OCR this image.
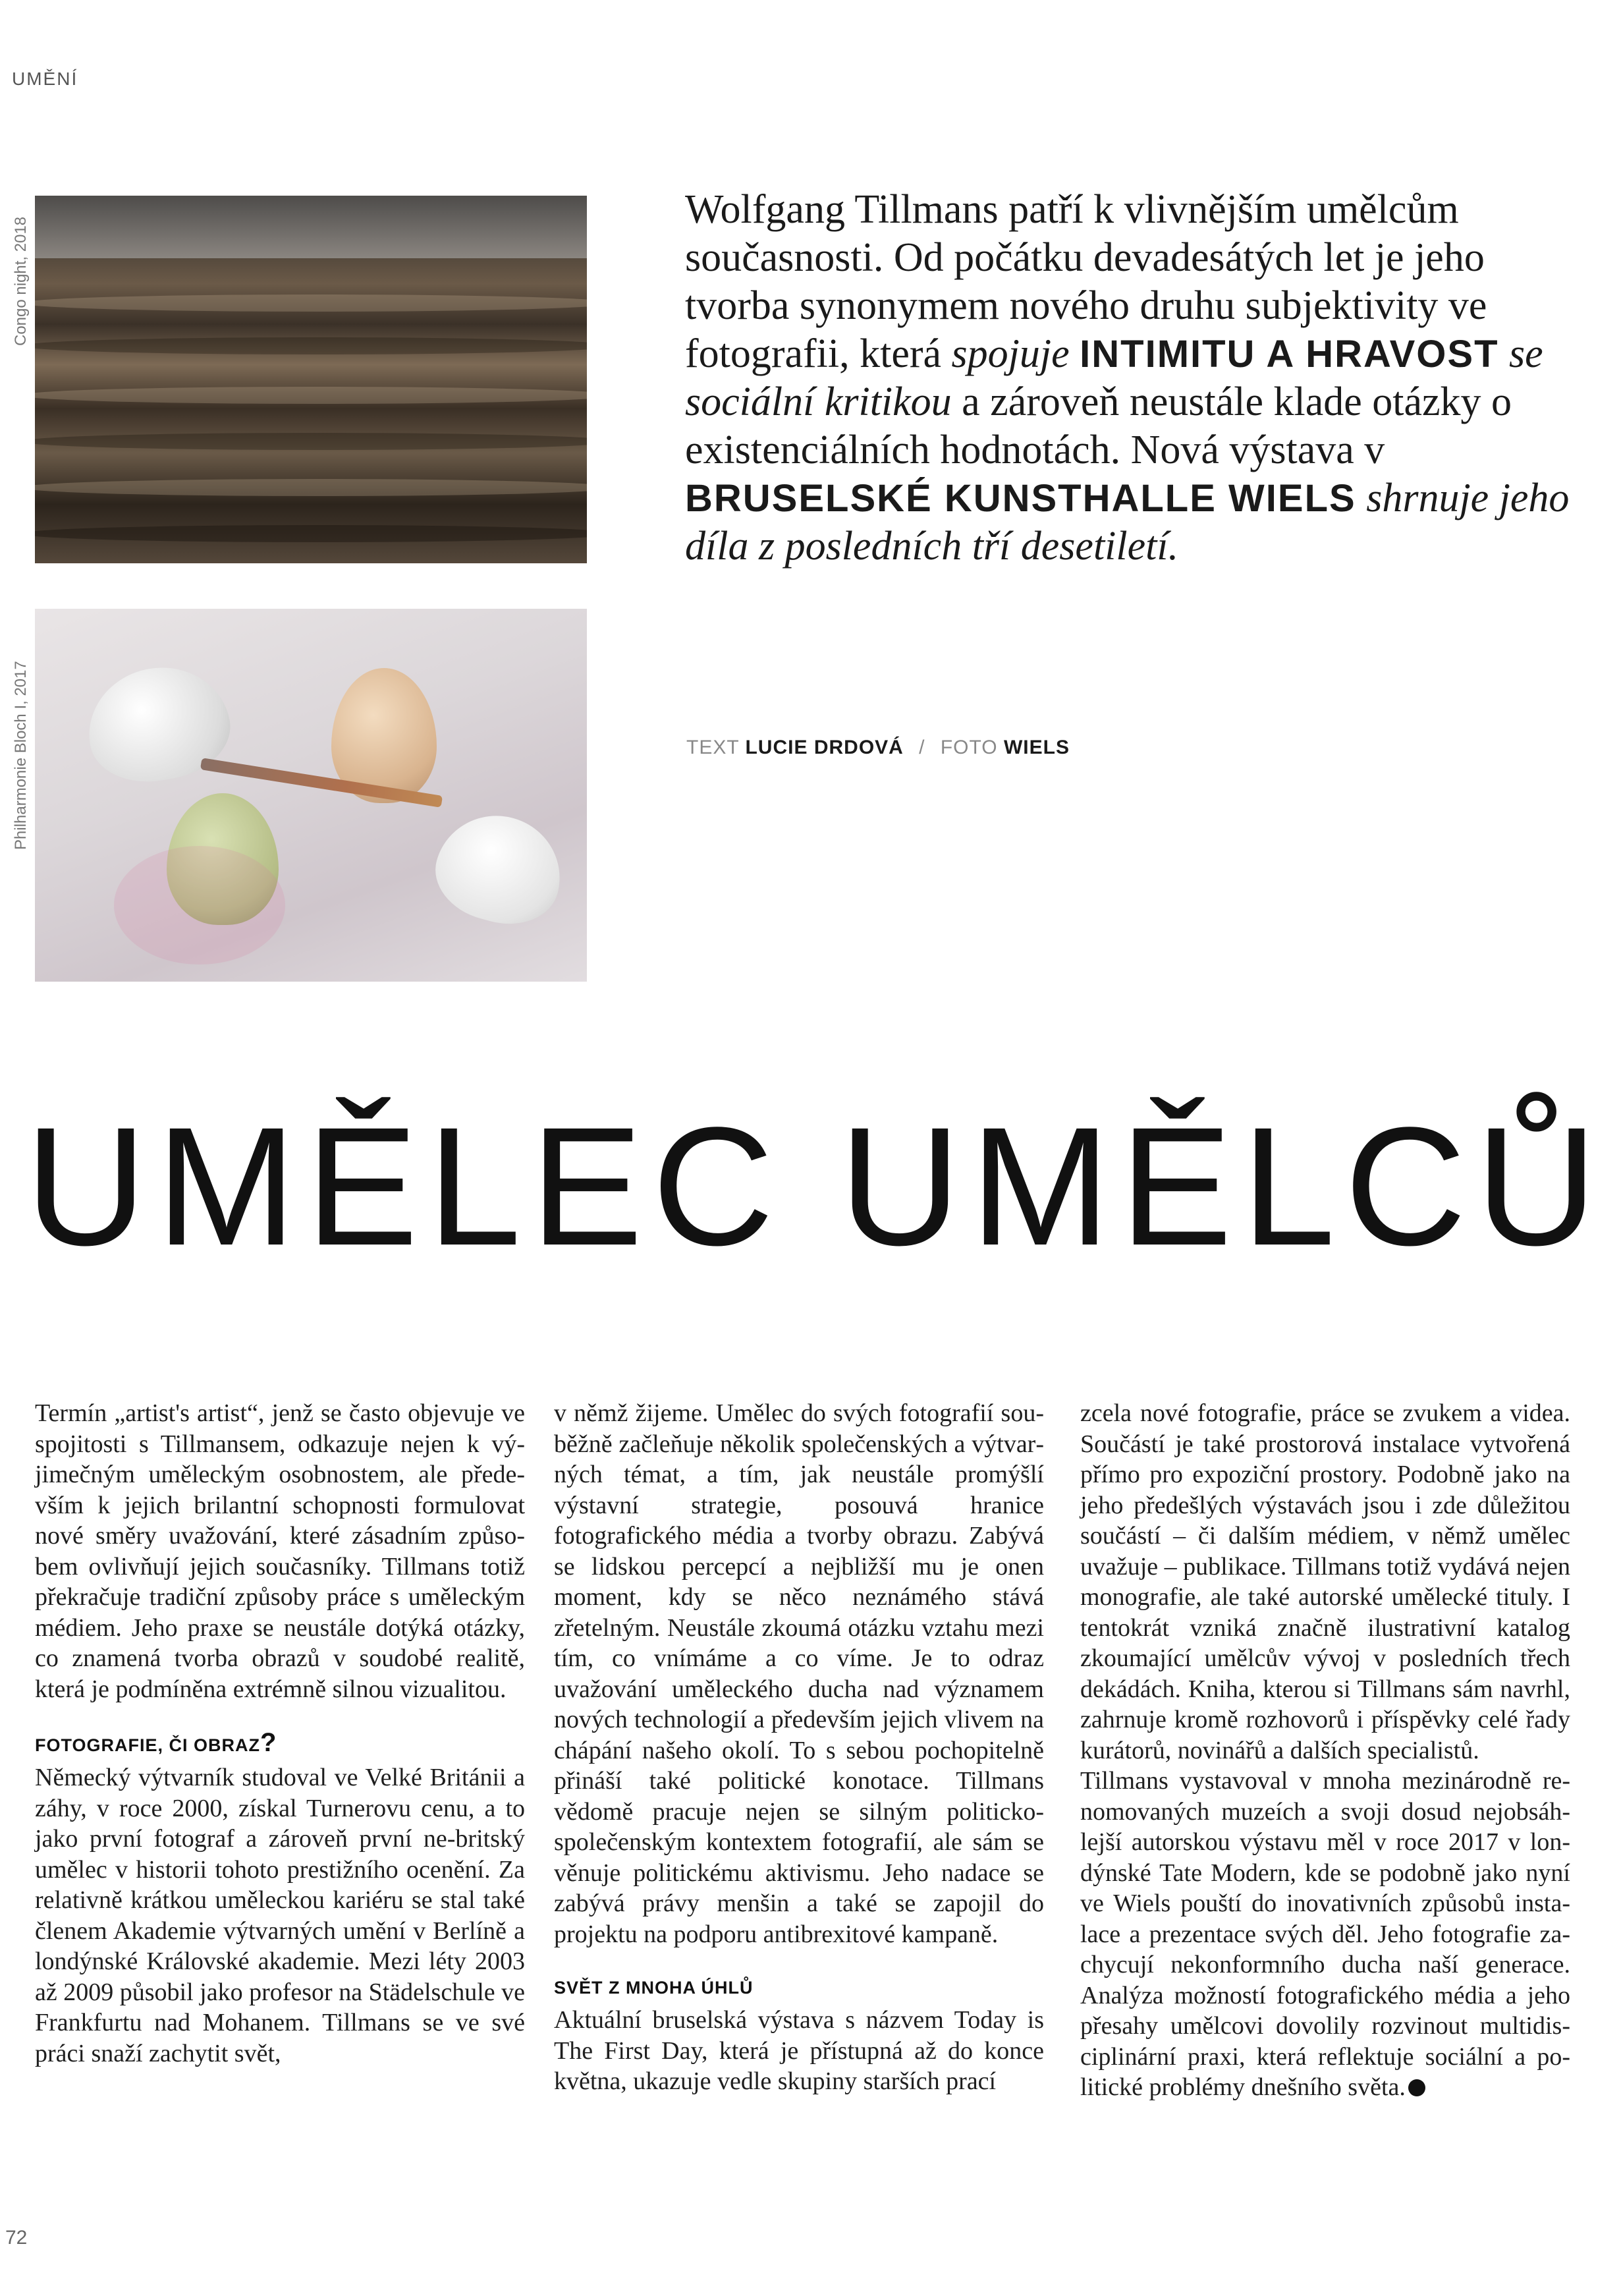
UMĚNÍ
Congo night, 2018
Philharmonie Bloch I, 2017
Wolfgang Tillmans patří k vlivnějším umělcům současnosti. Od počátku devadesátých let je jeho tvorba synonymem nového druhu subjektivity ve fotografii, která spojuje INTIMITU A HRAVOST se sociální kritikou a zároveň neustále klade otázky o existenciálních hodnotách. Nová výstava v BRUSELSKÉ KUNSTHALLE WIELS shrnuje jeho díla z posledních tří desetiletí.
TEXT LUCIE DRDOVÁ / FOTO WIELS
UMĚLEC UMĚLCŮ

Termín „artist's artist“, jenž se často objevuje ve spojitosti s Tillmansem, odkazuje nejen k výjimečným uměleckým osobnostem, ale především k jejich brilantní schopnosti formulovat nové směry uvažování, které zásadním způsobem ovlivňují jejich současníky. Tillmans totiž překračuje tradiční způsoby práce s uměleckým médiem. Jeho praxe se neustále dotýká otázky, co znamená tvorba obrazů v soudobé realitě, která je podmíněna extrémně silnou vizualitou.

FOTOGRAFIE, ČI OBRAZ?

Německý výtvarník studoval ve Velké Británii a záhy, v roce 2000, získal Turnerovu cenu, a to jako první fotograf a zároveň první ne-britský umělec v historii tohoto prestižního ocenění. Za relativně krátkou uměleckou kariéru se stal také členem Akademie výtvarných umění v Berlíně a londýnské Královské akademie. Mezi léty 2003 až 2009 působil jako profesor na Städelschule ve Frankfurtu nad Mohanem. Tillmans se ve své práci snaží zachytit svět,

v němž žijeme. Umělec do svých fotografií souběžně začleňuje několik společenských a výtvarných témat, a tím, jak neustále promýšlí výstavní strategie, posouvá hranice fotografického média a tvorby obrazu. Zabývá se lidskou percepcí a nejbližší mu je onen moment, kdy se něco neznámého stává zřetelným. Neustále zkoumá otázku vztahu mezi tím, co vnímáme a co víme. Je to odraz uvažování uměleckého ducha nad významem nových technologií a především jejich vlivem na chápání našeho okolí. To s sebou pochopitelně přináší také politické konotace. Tillmans vědomě pracuje nejen se silným politicko-společenským kontextem fotografií, ale sám se věnuje politickému aktivismu. Jeho nadace se zabývá právy menšin a také se zapojil do projektu na podporu antibrexitové kampaně.

SVĚT Z MNOHA ÚHLŮ

Aktuální bruselská výstava s názvem Today is The First Day, která je přístupná až do konce května, ukazuje vedle skupiny starších prací

zcela nové fotografie, práce se zvukem a videa. Součástí je také prostorová instalace vytvořená přímo pro expoziční prostory. Podobně jako na jeho předešlých výstavách jsou i zde důležitou součástí – či dalším médiem, v němž umělec uvažuje – publikace. Tillmans totiž vydává nejen monografie, ale také autorské umělecké tituly. I tentokrát vzniká značně ilustrativní katalog zkoumající umělcův vývoj v posledních třech dekádách. Kniha, kterou si Tillmans sám navrhl, zahrnuje kromě rozhovorů i příspěvky celé řady kurátorů, novinářů a dalších specialistů.

Tillmans vystavoval v mnoha mezinárodně renomovaných muzeích a svoji dosud nejobsáhlejší autorskou výstavu měl v roce 2017 v londýnské Tate Modern, kde se podobně jako nyní ve Wiels pouští do inovativních způsobů instalace a prezentace svých děl. Jeho fotografie zachycují nekonformního ducha naší generace. Analýza možností fotografického média a jeho přesahy umělcovi dovolily rozvinout multidisciplinární praxi, která reflektuje sociální a politické problémy dnešního světa.

72
